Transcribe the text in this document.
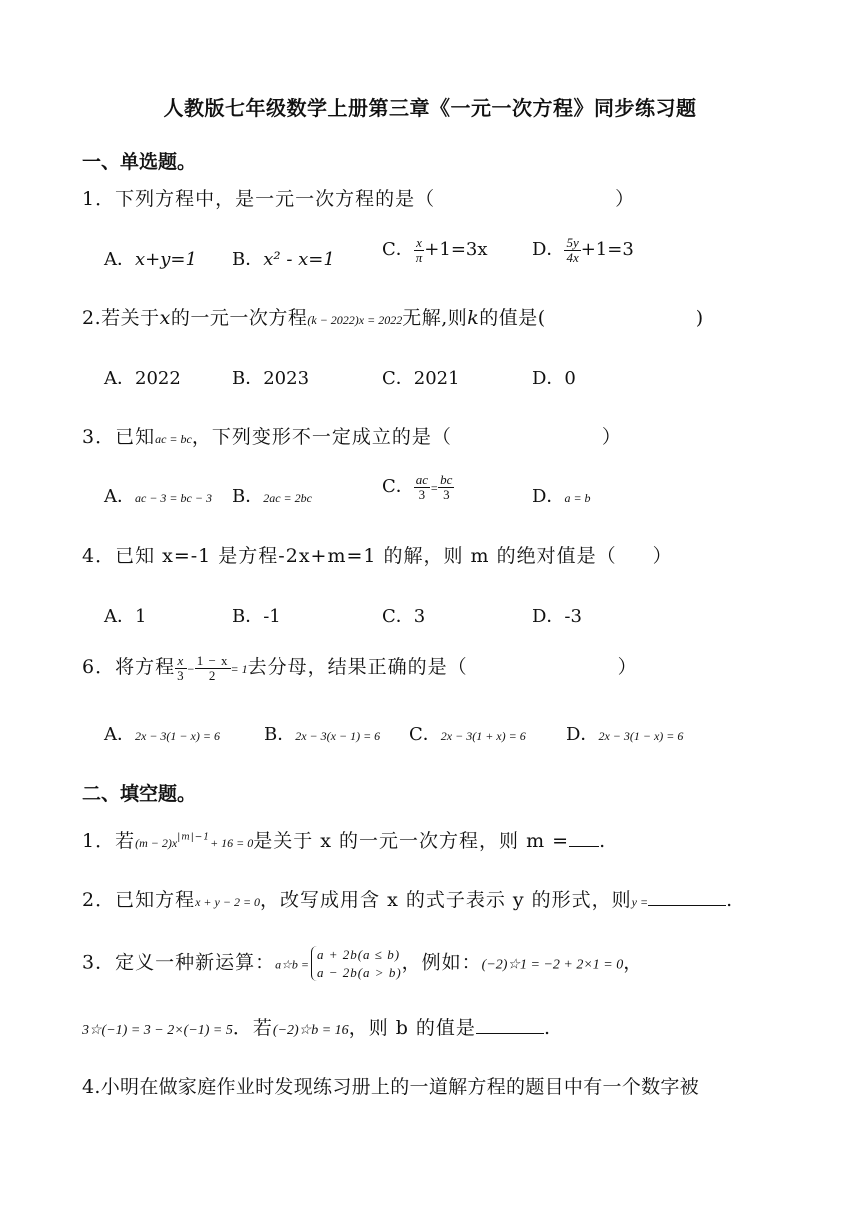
人教版七年级数学上册第三章《一元一次方程》同步练习题
一、单选题。
1．下列方程中，是一元一次方程的是（	）
A．x+y=1 B．x² - x=1	C． $\frac{x}{\pi} +1=3x$ D． $\frac{5y}{4x} +1=3$
2.若关于x的一元一次方程(k − 2022)x = 2022无解,则k的值是(	)
A．2022	B．2023	C．2021	D．0
3．已知ac = bc，下列变形不一定成立的是（	）
A．ac − 3 = bc − 3 B．2ac = 2bc
C． $\frac{ac}{3} = \frac{bc}{3}$	D．a = b
4．已知 x=-1 是方程-2x+m=1 的解，则 m 的绝对值是（ ）
A．1	B．-1	C．3	D．-3
6．将方程 $\frac{x}{3} - \frac{1 - x}{2} = 1$去分母，结果正确的是（	）
A．2x − 3(1 − x) = 6 B．2x − 3(x − 1) = 6 C．2x − 3(1 + x) = 6 D．2x − 3(1 − x) = 6
二、填空题。
1．若$(m - 2)x^{|m|-1}+ 16 = 0$是关于 x 的一元一次方程，则 m = .
2．已知方程x + y − 2 = 0，改写成用含 x 的式子表示 y 的形式，则y =	.
3．定义一种新运算：a☆b =
a + 2b(a ≤ b)
a − 2b(a > b) ，例如：(−2)☆1 = −2 + 2×1 = 0，
3☆(−1) = 3 − 2×(−1) = 5．若(−2)☆b = 16，则 b 的值是	.
4.小明在做家庭作业时发现练习册上的一道解方程的题目中有一个数字被
